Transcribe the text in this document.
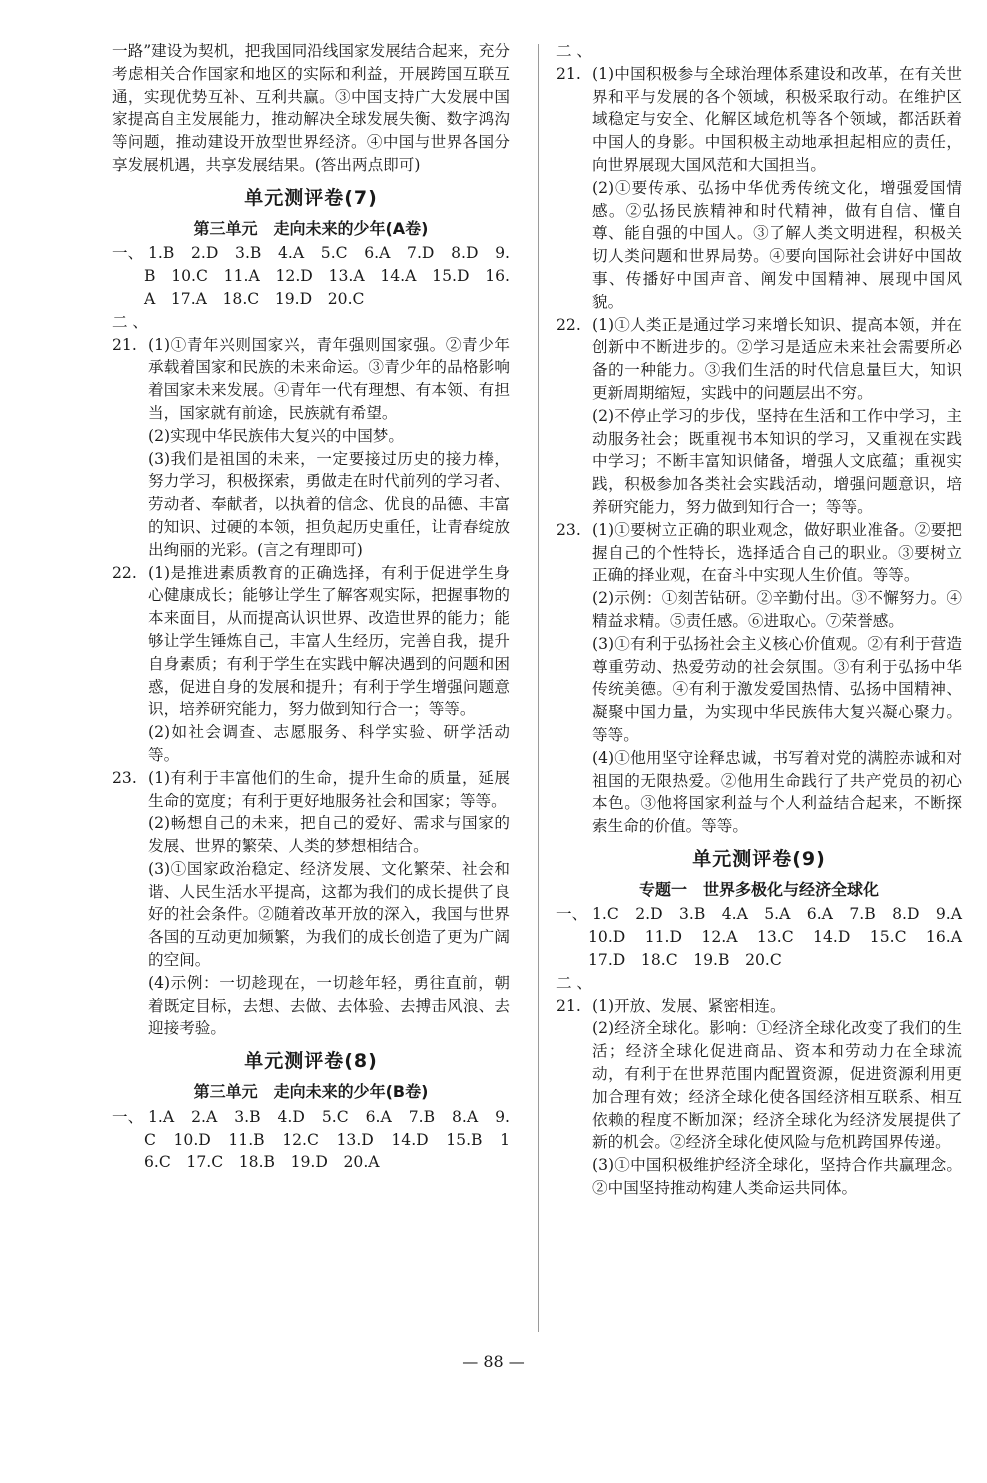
一路”建设为契机，把我国同沿线国家发展结合起来，充分考虑相关合作国家和地区的实际和利益，开展跨国互联互通，实现优势互补、互利共赢。③中国支持广大发展中国家提高自主发展能力，推动解决全球发展失衡、数字鸿沟等问题，推动建设开放型世界经济。④中国与世界各国分享发展机遇，共享发展结果。(答出两点即可)

单元测评卷(7)
第三单元　走向未来的少年(A卷)

一、 1.B　2.D　3.B　4.A　5.C　6.A　7.D　8.D　9.B　10.C　11.A　12.D　13.A　14.A　15.D　16.A　17.A　18.C　19.D　20.C

二、21. (1)①青年兴则国家兴，青年强则国家强。②青少年承载着国家和民族的未来命运。③青少年的品格影响着国家未来发展。④青年一代有理想、有本领、有担当，国家就有前途，民族就有希望。

(2)实现中华民族伟大复兴的中国梦。

(3)我们是祖国的未来，一定要接过历史的接力棒，努力学习，积极探索，勇做走在时代前列的学习者、劳动者、奉献者，以执着的信念、优良的品德、丰富的知识、过硬的本领，担负起历史重任，让青春绽放出绚丽的光彩。(言之有理即可)

22. (1)是推进素质教育的正确选择，有利于促进学生身心健康成长；能够让学生了解客观实际，把握事物的本来面目，从而提高认识世界、改造世界的能力；能够让学生锤炼自己，丰富人生经历，完善自我，提升自身素质；有利于学生在实践中解决遇到的问题和困惑，促进自身的发展和提升；有利于学生增强问题意识，培养研究能力，努力做到知行合一；等等。

(2)如社会调查、志愿服务、科学实验、研学活动等。

23. (1)有利于丰富他们的生命，提升生命的质量，延展生命的宽度；有利于更好地服务社会和国家；等等。

(2)畅想自己的未来，把自己的爱好、需求与国家的发展、世界的繁荣、人类的梦想相结合。

(3)①国家政治稳定、经济发展、文化繁荣、社会和谐、人民生活水平提高，这都为我们的成长提供了良好的社会条件。②随着改革开放的深入，我国与世界各国的互动更加频繁，为我们的成长创造了更为广阔的空间。

(4)示例：一切趁现在，一切趁年轻，勇往直前，朝着既定目标，去想、去做、去体验、去搏击风浪、去迎接考验。

单元测评卷(8)
第三单元　走向未来的少年(B卷)

一、 1.A　2.A　3.B　4.D　5.C　6.A　7.B　8.A　9.C　10.D　11.B　12.C　13.D　14.D　15.B　16.C　17.C　18.B　19.D　20.A

二、21. (1)中国积极参与全球治理体系建设和改革，在有关世界和平与发展的各个领域，积极采取行动。在维护区域稳定与安全、化解区域危机等各个领域，都活跃着中国人的身影。中国积极主动地承担起相应的责任，向世界展现大国风范和大国担当。

(2)①要传承、弘扬中华优秀传统文化，增强爱国情感。②弘扬民族精神和时代精神，做有自信、懂自尊、能自强的中国人。③了解人类文明进程，积极关切人类问题和世界局势。④要向国际社会讲好中国故事、传播好中国声音、阐发中国精神、展现中国风貌。

22. (1)①人类正是通过学习来增长知识、提高本领，并在创新中不断进步的。②学习是适应未来社会需要所必备的一种能力。③我们生活的时代信息量巨大，知识更新周期缩短，实践中的问题层出不穷。

(2)不停止学习的步伐，坚持在生活和工作中学习，主动服务社会；既重视书本知识的学习，又重视在实践中学习；不断丰富知识储备，增强人文底蕴；重视实践，积极参加各类社会实践活动，增强问题意识，培养研究能力，努力做到知行合一；等等。

23. (1)①要树立正确的职业观念，做好职业准备。②要把握自己的个性特长，选择适合自己的职业。③要树立正确的择业观，在奋斗中实现人生价值。等等。

(2)示例：①刻苦钻研。②辛勤付出。③不懈努力。④精益求精。⑤责任感。⑥进取心。⑦荣誉感。

(3)①有利于弘扬社会主义核心价值观。②有利于营造尊重劳动、热爱劳动的社会氛围。③有利于弘扬中华传统美德。④有利于激发爱国热情、弘扬中国精神、凝聚中国力量，为实现中华民族伟大复兴凝心聚力。等等。

(4)①他用坚守诠释忠诚，书写着对党的满腔赤诚和对祖国的无限热爱。②他用生命践行了共产党员的初心本色。③他将国家利益与个人利益结合起来，不断探索生命的价值。等等。

单元测评卷(9)
专题一　世界多极化与经济全球化

一、 1.C　2.D　3.B　4.A　5.A　6.A　7.B　8.D　9.A　10.D　11.D　12.A　13.C　14.D　15.C　16.A　17.D　18.C　19.B　20.C

二、21. (1)开放、发展、紧密相连。

(2)经济全球化。影响：①经济全球化改变了我们的生活；经济全球化促进商品、资本和劳动力在全球流动，有利于在世界范围内配置资源，促进资源利用更加合理有效；经济全球化使各国经济相互联系、相互依赖的程度不断加深；经济全球化为经济发展提供了新的机会。②经济全球化使风险与危机跨国界传递。

(3)①中国积极维护经济全球化，坚持合作共赢理念。②中国坚持推动构建人类命运共同体。

— 88 —
